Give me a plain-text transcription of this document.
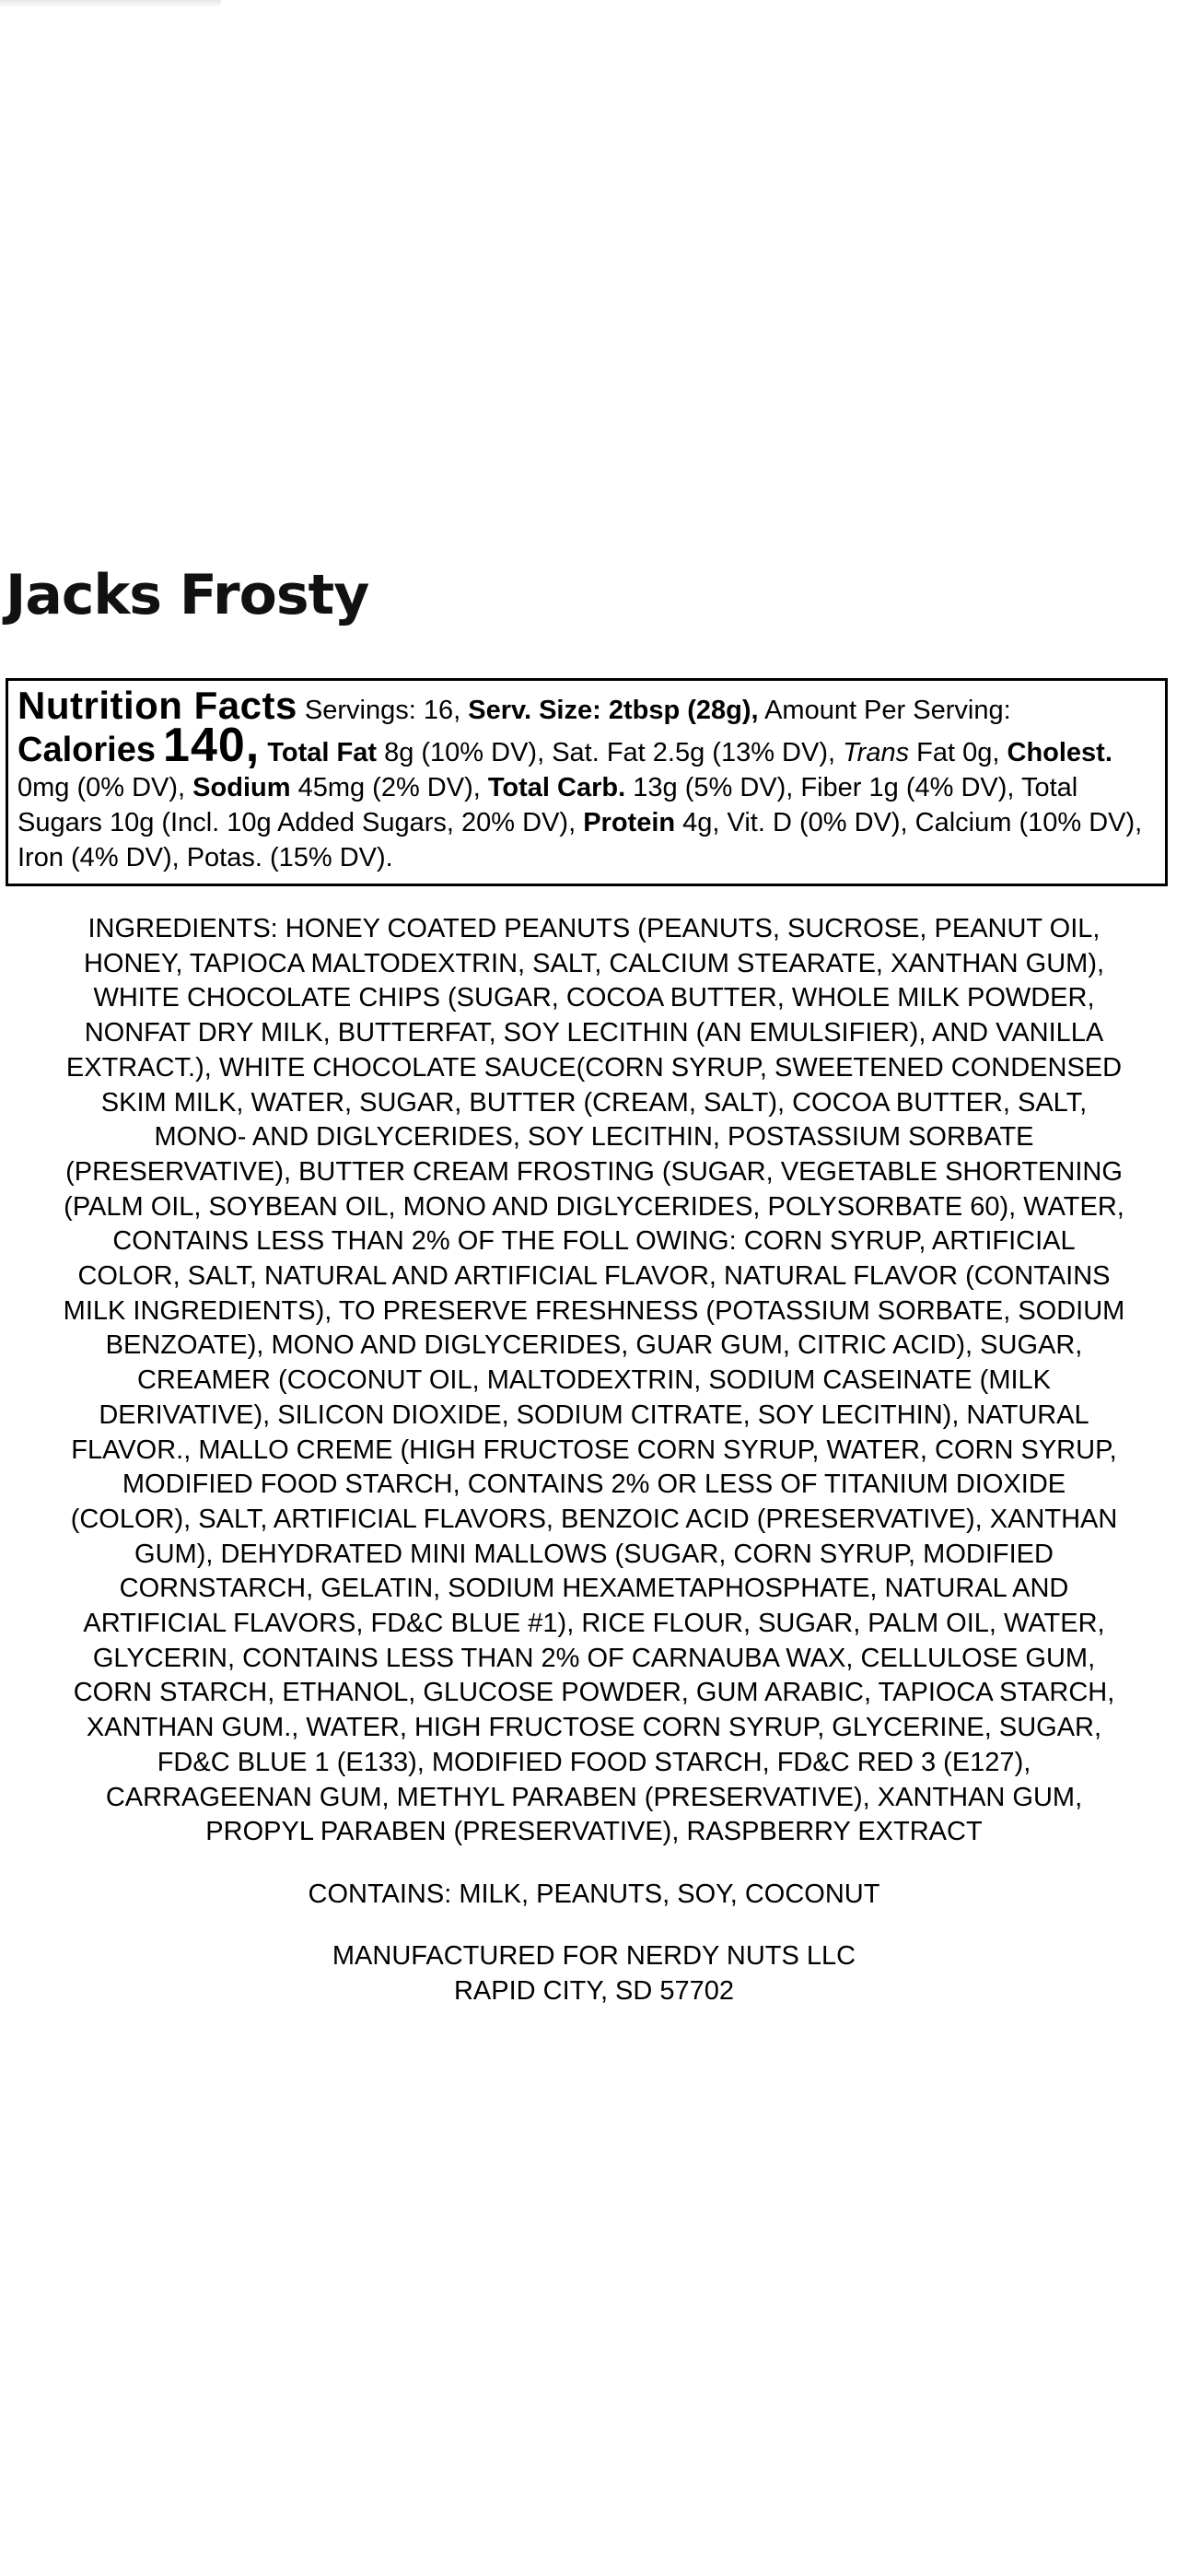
Jacks Frosty

Nutrition Facts Servings: 16, Serv. Size: 2tbsp (28g), Amount Per Serving: Calories 140, Total Fat 8g (10% DV), Sat. Fat 2.5g (13% DV), Trans Fat 0g, Cholest. 0mg (0% DV), Sodium 45mg (2% DV), Total Carb. 13g (5% DV), Fiber 1g (4% DV), Total Sugars 10g (Incl. 10g Added Sugars, 20% DV), Protein 4g, Vit. D (0% DV), Calcium (10% DV), Iron (4% DV), Potas. (15% DV).

INGREDIENTS: HONEY COATED PEANUTS (PEANUTS, SUCROSE, PEANUT OIL,
HONEY, TAPIOCA MALTODEXTRIN, SALT, CALCIUM STEARATE, XANTHAN GUM),
WHITE CHOCOLATE CHIPS (SUGAR, COCOA BUTTER, WHOLE MILK POWDER,
NONFAT DRY MILK, BUTTERFAT, SOY LECITHIN (AN EMULSIFIER), AND VANILLA
EXTRACT.), WHITE CHOCOLATE SAUCE(CORN SYRUP, SWEETENED CONDENSED
SKIM MILK, WATER, SUGAR, BUTTER (CREAM, SALT), COCOA BUTTER, SALT,
MONO- AND DIGLYCERIDES, SOY LECITHIN, POSTASSIUM SORBATE
(PRESERVATIVE), BUTTER CREAM FROSTING (SUGAR, VEGETABLE SHORTENING
(PALM OIL, SOYBEAN OIL, MONO AND DIGLYCERIDES, POLYSORBATE 60), WATER,
CONTAINS LESS THAN 2% OF THE FOLL OWING: CORN SYRUP, ARTIFICIAL
COLOR, SALT, NATURAL AND ARTIFICIAL FLAVOR, NATURAL FLAVOR (CONTAINS
MILK INGREDIENTS), TO PRESERVE FRESHNESS (POTASSIUM SORBATE, SODIUM
BENZOATE), MONO AND DIGLYCERIDES, GUAR GUM, CITRIC ACID), SUGAR,
CREAMER (COCONUT OIL, MALTODEXTRIN, SODIUM CASEINATE (MILK
DERIVATIVE), SILICON DIOXIDE, SODIUM CITRATE, SOY LECITHIN), NATURAL
FLAVOR., MALLO CREME (HIGH FRUCTOSE CORN SYRUP, WATER, CORN SYRUP,
MODIFIED FOOD STARCH, CONTAINS 2% OR LESS OF TITANIUM DIOXIDE
(COLOR), SALT, ARTIFICIAL FLAVORS, BENZOIC ACID (PRESERVATIVE), XANTHAN
GUM), DEHYDRATED MINI MALLOWS (SUGAR, CORN SYRUP, MODIFIED
CORNSTARCH, GELATIN, SODIUM HEXAMETAPHOSPHATE, NATURAL AND
ARTIFICIAL FLAVORS, FD&C BLUE #1), RICE FLOUR, SUGAR, PALM OIL, WATER,
GLYCERIN, CONTAINS LESS THAN 2% OF CARNAUBA WAX, CELLULOSE GUM,
CORN STARCH, ETHANOL, GLUCOSE POWDER, GUM ARABIC, TAPIOCA STARCH,
XANTHAN GUM., WATER, HIGH FRUCTOSE CORN SYRUP, GLYCERINE, SUGAR,
FD&C BLUE 1 (E133), MODIFIED FOOD STARCH, FD&C RED 3 (E127),
CARRAGEENAN GUM, METHYL PARABEN (PRESERVATIVE), XANTHAN GUM,
PROPYL PARABEN (PRESERVATIVE), RASPBERRY EXTRACT

CONTAINS: MILK, PEANUTS, SOY, COCONUT

MANUFACTURED FOR NERDY NUTS LLC
RAPID CITY, SD 57702
